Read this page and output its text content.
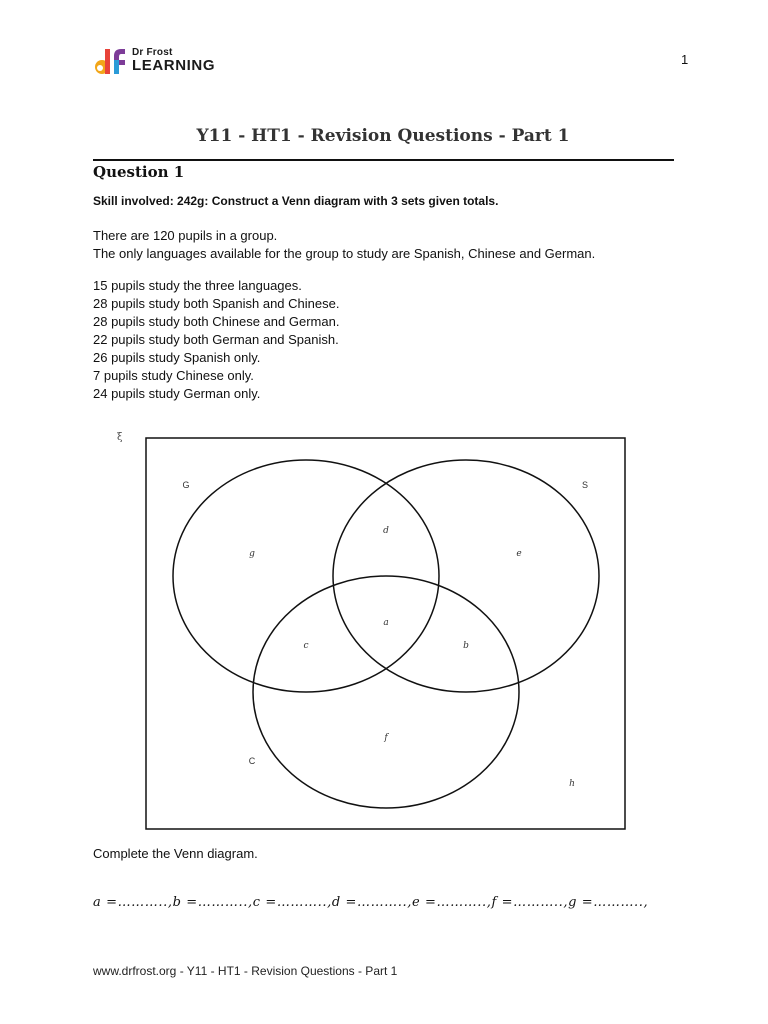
Dr Frost
LEARNING	1
Y11 - HT1 - Revision Questions - Part 1
Question 1
Skill involved: 242g: Construct a Venn diagram with 3 sets given totals.
There are 120 pupils in a group.
The only languages available for the group to study are Spanish, Chinese and German.
15 pupils study the three languages.
28 pupils study both Spanish and Chinese.
28 pupils study both Chinese and German.
22 pupils study both German and Spanish.
26 pupils study Spanish only.
7 pupils study Chinese only.
24 pupils study German only.
ξ
G	S
C
a
b
c
d
e
f
g
h
Complete the Venn diagram.
a =………..,b =………..,c =………..,d =………..,e =………..,f =………..,g =………..,
www.drfrost.org - Y11 - HT1 - Revision Questions - Part 1
